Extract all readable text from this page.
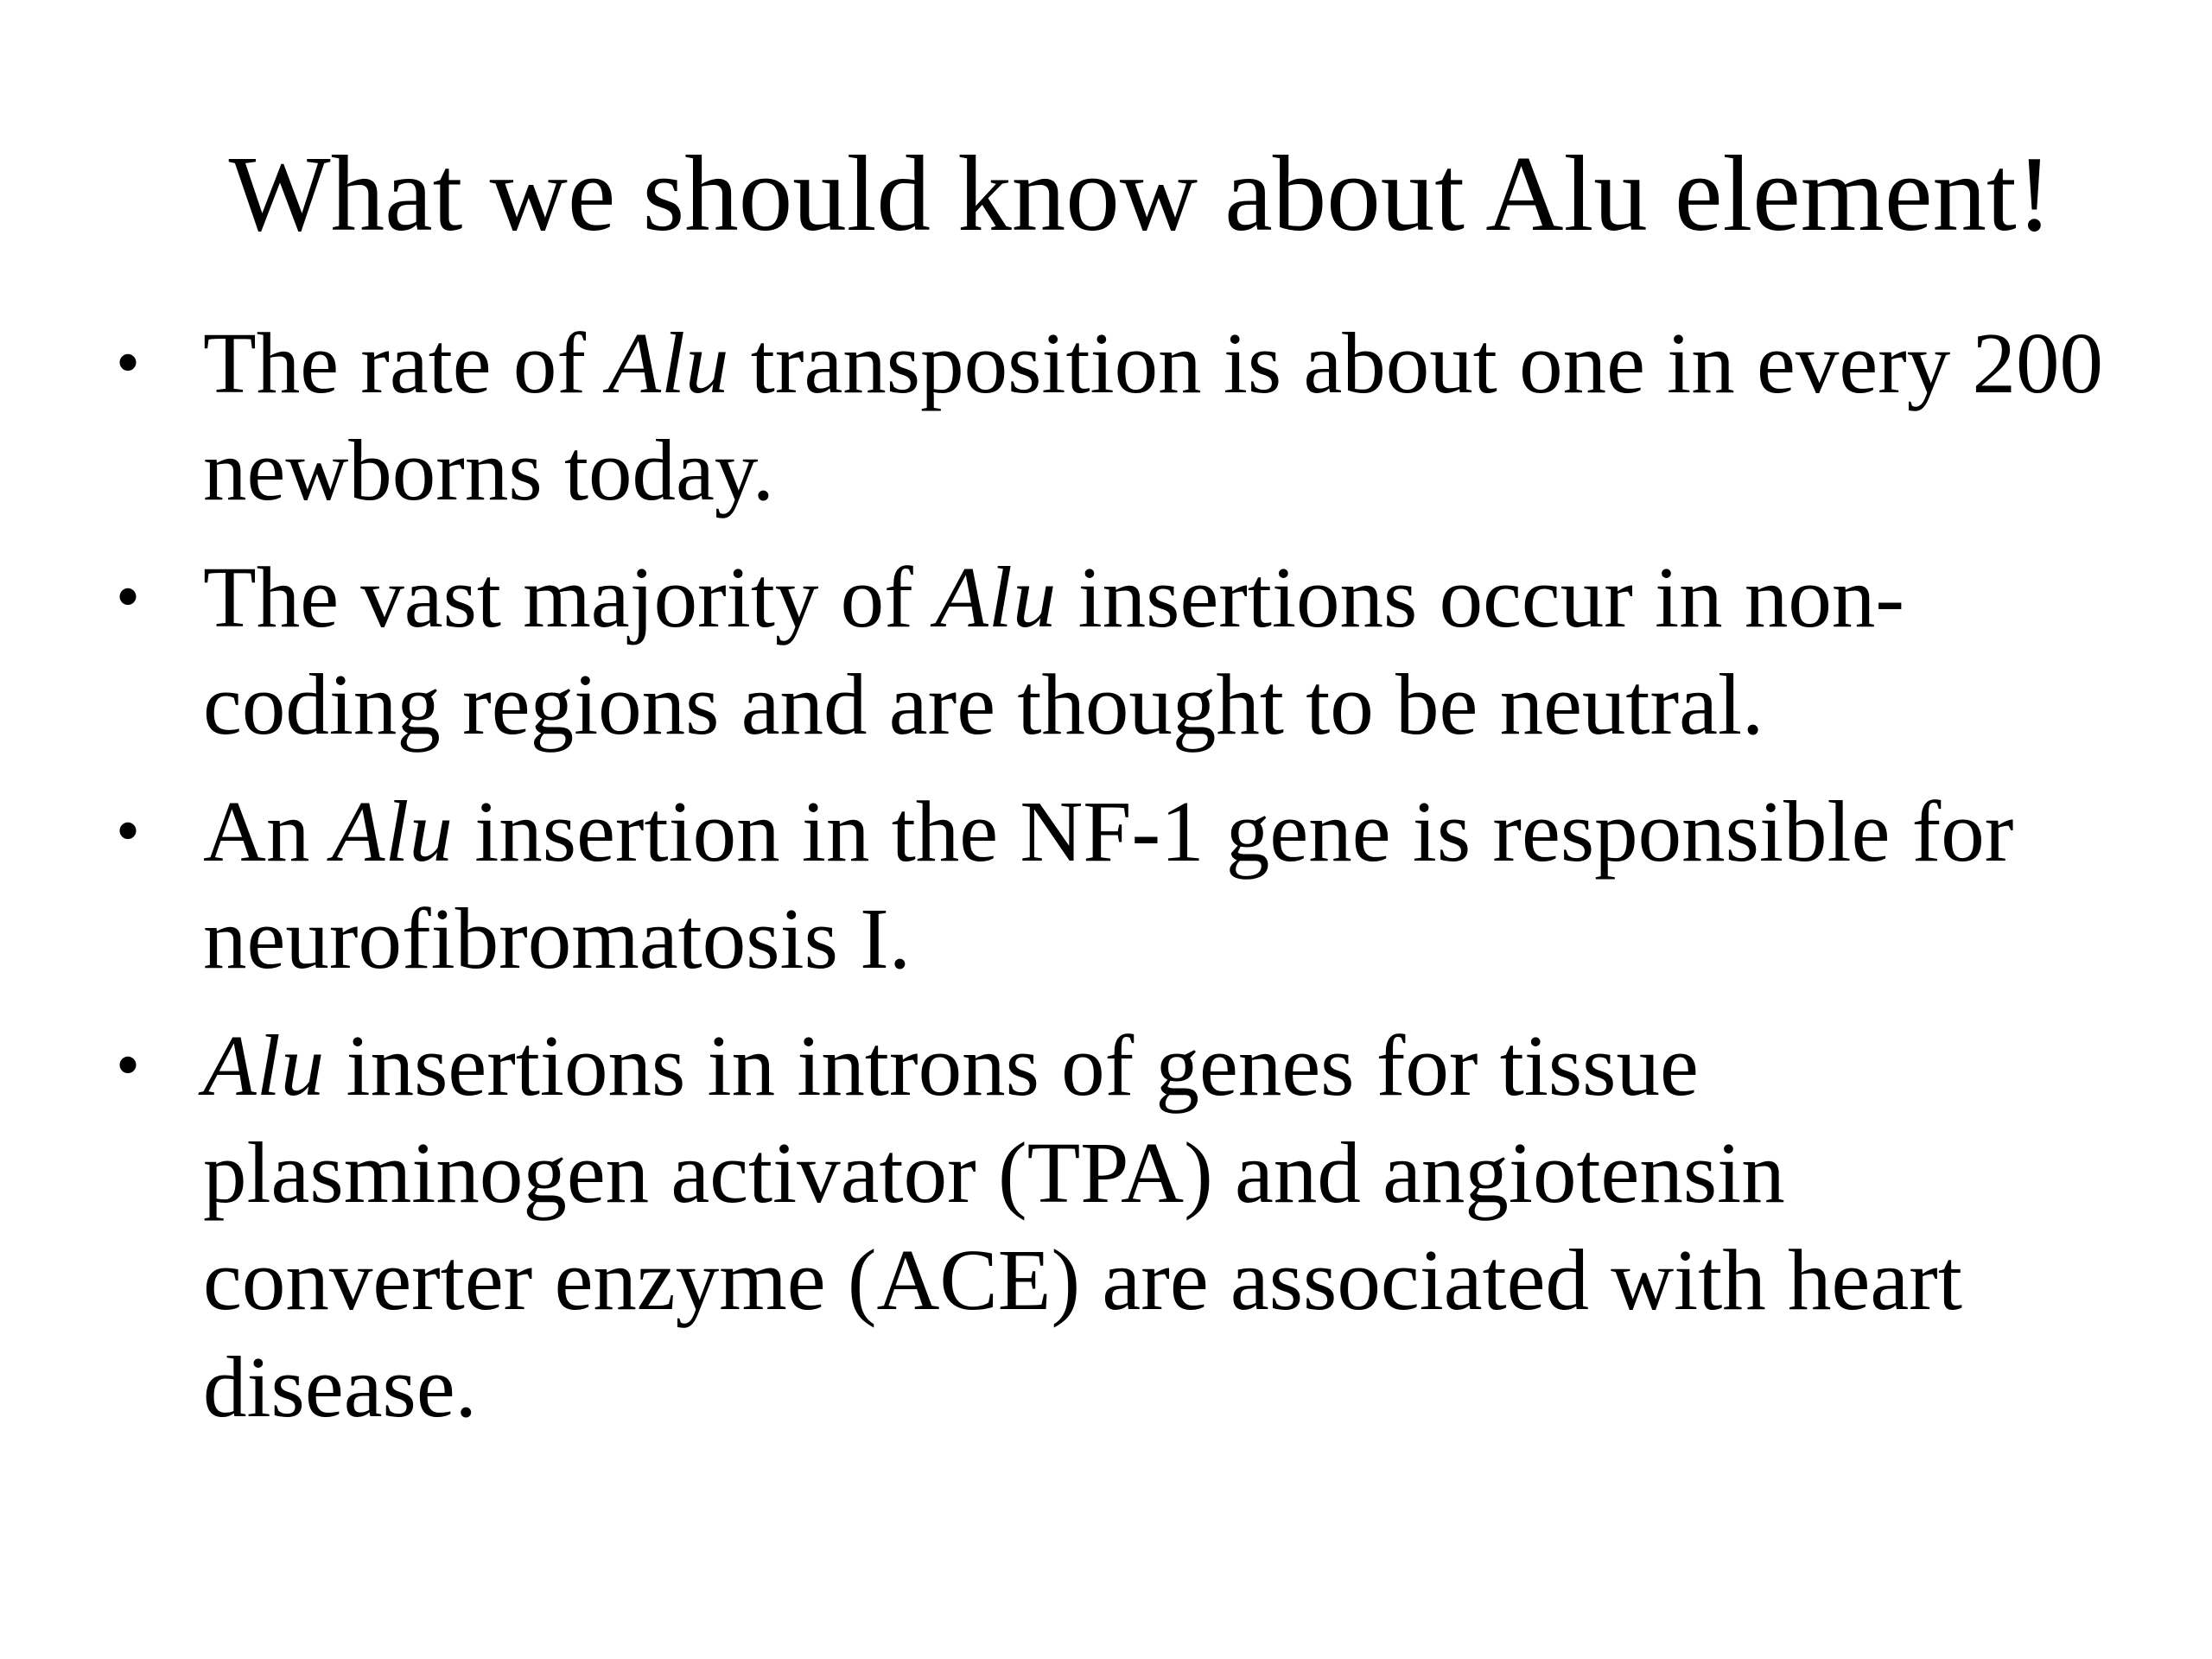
What we should know about Alu element!
• The rate of Alu transposition is about one in every 200
newborns today.
• The vast majority of Alu insertions occur in non-
coding regions and are thought to be neutral.
• An Alu insertion in the NF-1 gene is responsible for
neurofibromatosis I.
• Alu insertions in introns of genes for tissue
plasminogen activator (TPA) and angiotensin
converter enzyme (ACE) are associated with heart
disease.
